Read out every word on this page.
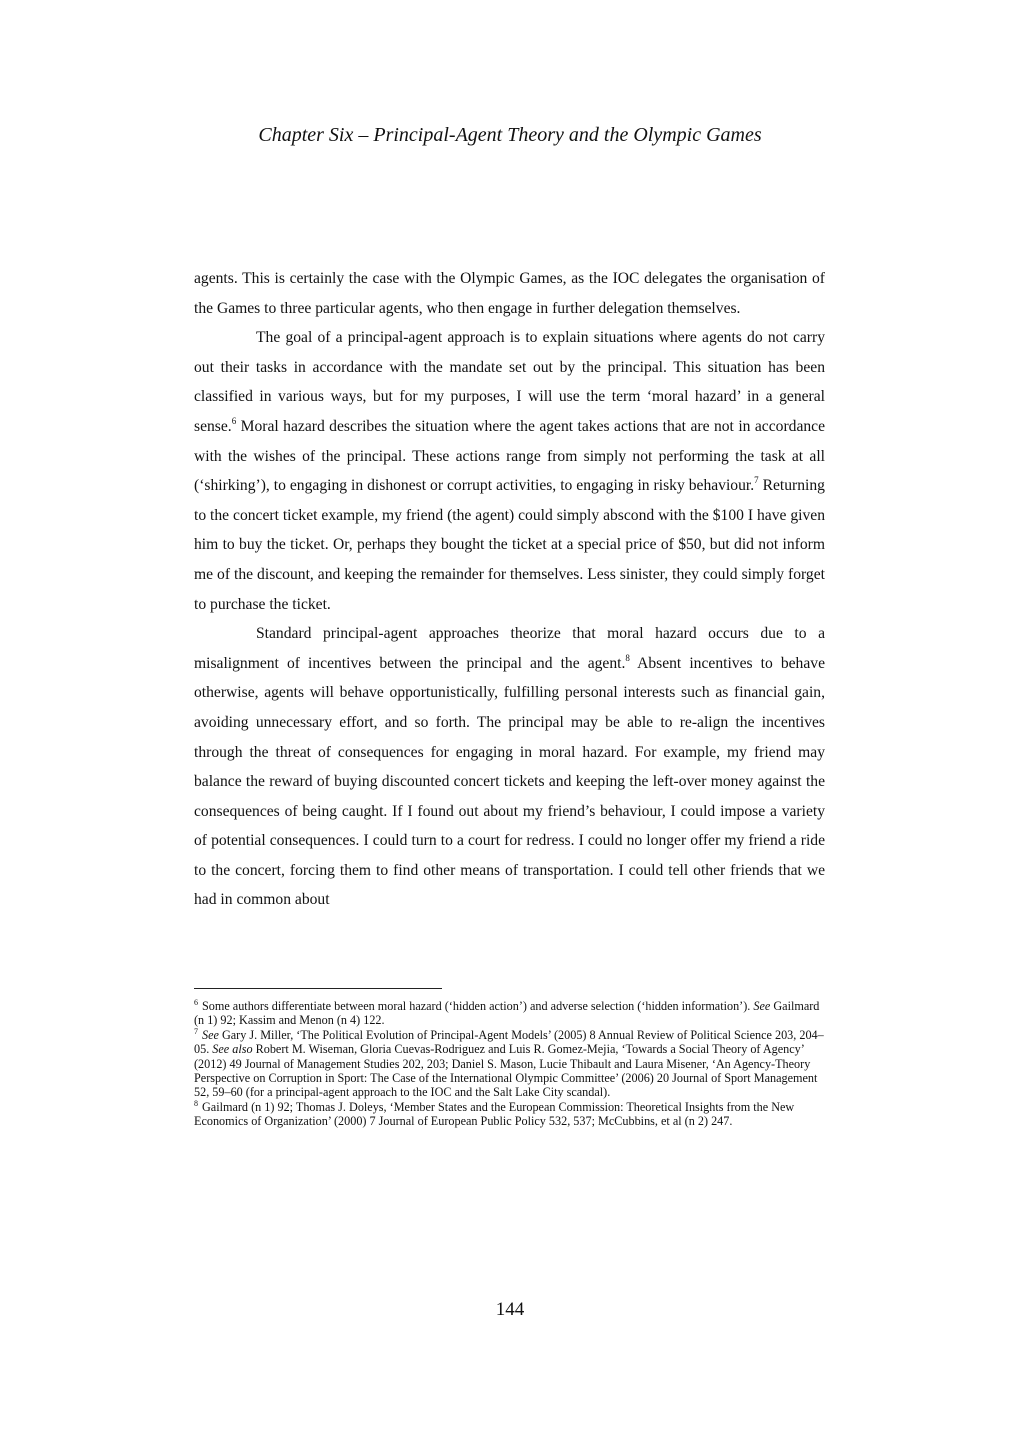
Chapter Six – Principal-Agent Theory and the Olympic Games

agents. This is certainly the case with the Olympic Games, as the IOC delegates the organisation of the Games to three particular agents, who then engage in further delegation themselves.

The goal of a principal-agent approach is to explain situations where agents do not carry out their tasks in accordance with the mandate set out by the principal. This situation has been classified in various ways, but for my purposes, I will use the term ‘moral hazard’ in a general sense.$^6$ Moral hazard describes the situation where the agent takes actions that are not in accordance with the wishes of the principal. These actions range from simply not performing the task at all (‘shirking’), to engaging in dishonest or corrupt activities, to engaging in risky behaviour.$^7$ Returning to the concert ticket example, my friend (the agent) could simply abscond with the $100 I have given him to buy the ticket. Or, perhaps they bought the ticket at a special price of $50, but did not inform me of the discount, and keeping the remainder for themselves. Less sinister, they could simply forget to purchase the ticket.

Standard principal-agent approaches theorize that moral hazard occurs due to a misalignment of incentives between the principal and the agent.$^8$ Absent incentives to behave otherwise, agents will behave opportunistically, fulfilling personal interests such as financial gain, avoiding unnecessary effort, and so forth. The principal may be able to re-align the incentives through the threat of consequences for engaging in moral hazard. For example, my friend may balance the reward of buying discounted concert tickets and keeping the left-over money against the consequences of being caught. If I found out about my friend’s behaviour, I could impose a variety of potential consequences. I could turn to a court for redress. I could no longer offer my friend a ride to the concert, forcing them to find other means of transportation. I could tell other friends that we had in common about

$^6$ Some authors differentiate between moral hazard (‘hidden action’) and adverse selection (‘hidden information’). See Gailmard (n 1) 92; Kassim and Menon (n 4) 122.

$^7$ See Gary J. Miller, ‘The Political Evolution of Principal-Agent Models’ (2005) 8 Annual Review of Political Science 203, 204–05. See also Robert M. Wiseman, Gloria Cuevas-Rodriguez and Luis R. Gomez-Mejia, ‘Towards a Social Theory of Agency’ (2012) 49 Journal of Management Studies 202, 203; Daniel S. Mason, Lucie Thibault and Laura Misener, ‘An Agency-Theory Perspective on Corruption in Sport: The Case of the International Olympic Committee’ (2006) 20 Journal of Sport Management 52, 59–60 (for a principal-agent approach to the IOC and the Salt Lake City scandal).

$^8$ Gailmard (n 1) 92; Thomas J. Doleys, ‘Member States and the European Commission: Theoretical Insights from the New Economics of Organization’ (2000) 7 Journal of European Public Policy 532, 537; McCubbins, et al (n 2) 247.

144
